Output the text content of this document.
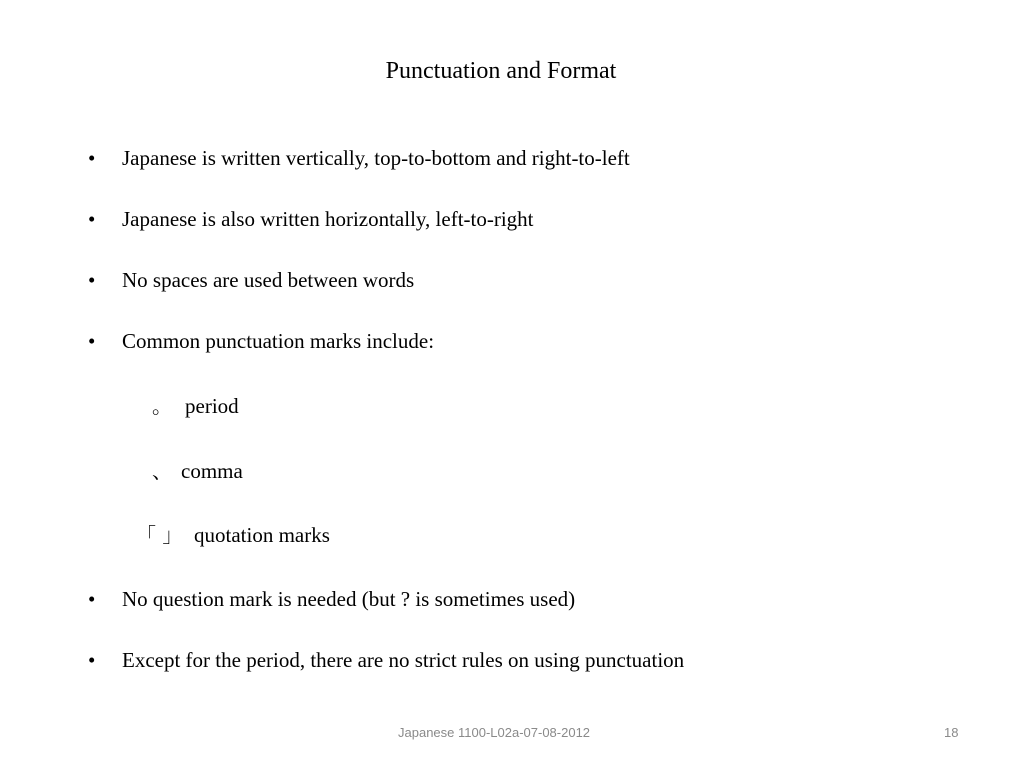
Punctuation and Format
• Japanese is written vertically, top-to-bottom and right-to-left
• Japanese is also written horizontally, left-to-right
• No spaces are used between words
• Common punctuation marks include:
。 period
、 comma
「 」 quotation marks
• No question mark is needed (but ? is sometimes used)
• Except for the period, there are no strict rules on using punctuation
Japanese 1100-L02a-07-08-2012	18
